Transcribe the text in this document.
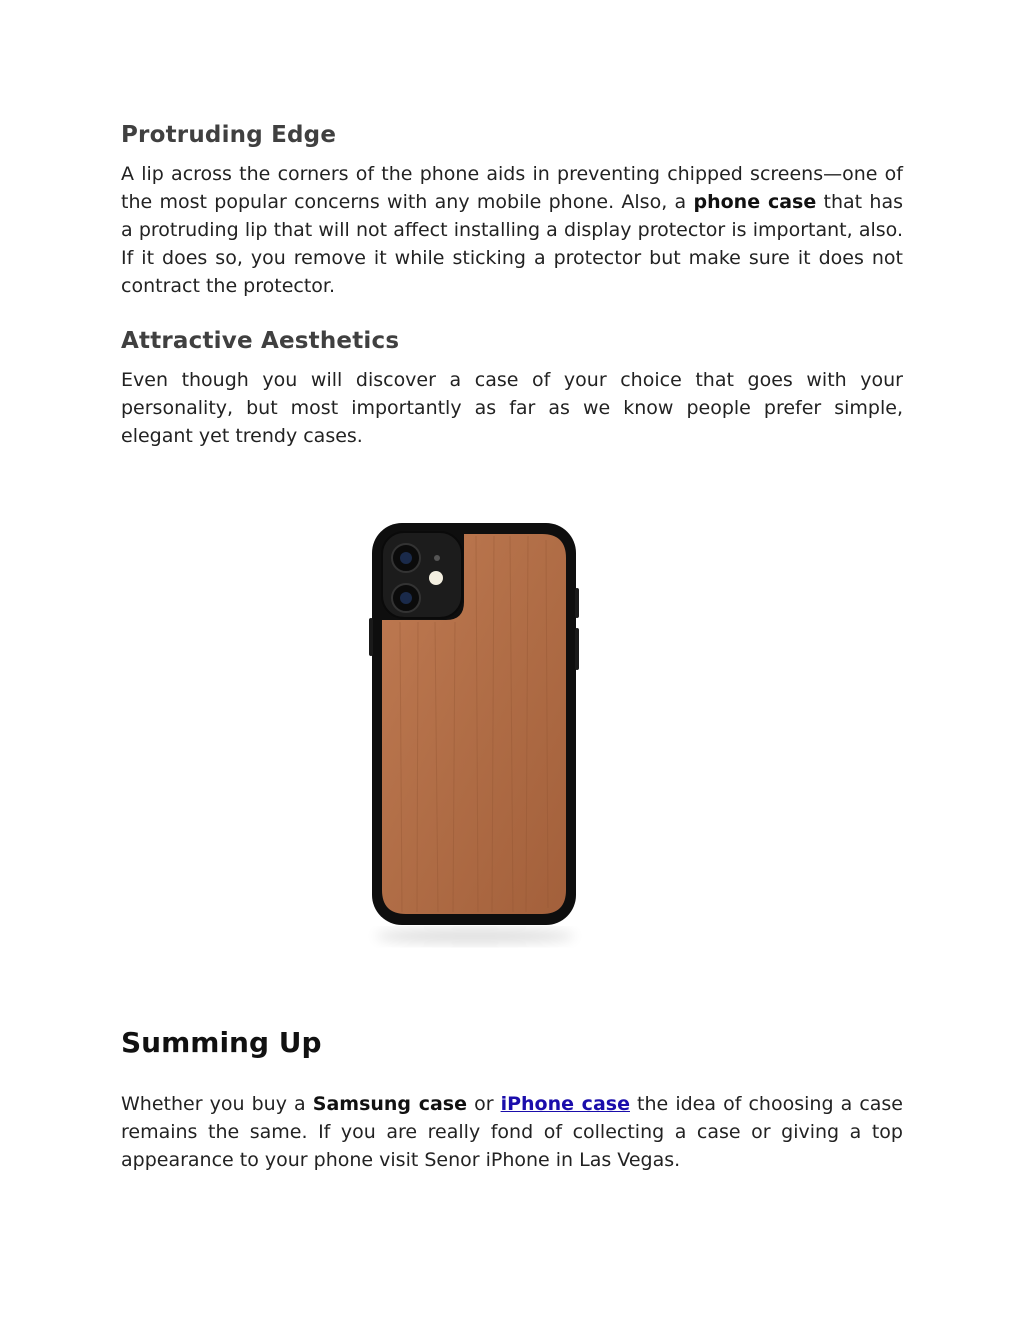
Protruding Edge

A lip across the corners of the phone aids in preventing chipped screens—one of the most popular concerns with any mobile phone. Also, a phone case that has a protruding lip that will not affect installing a display protector is important, also. If it does so, you remove it while sticking a protector but make sure it does not contract the protector.

Attractive Aesthetics

Even though you will discover a case of your choice that goes with your personality, but most importantly as far as we know people prefer simple, elegant yet trendy cases.

Summing Up

Whether you buy a Samsung case or iPhone case the idea of choosing a case remains the same. If you are really fond of collecting a case or giving a top appearance to your phone visit Senor iPhone in Las Vegas.
